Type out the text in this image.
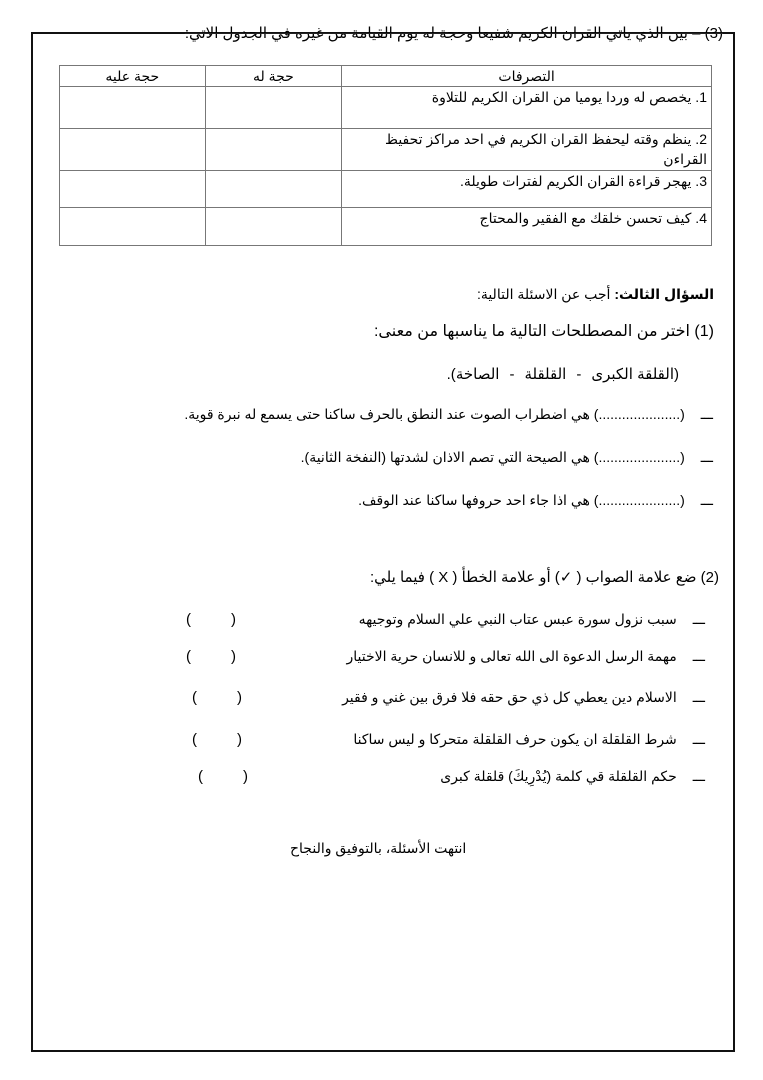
(3) – بين الذي ياتي القران الكريم شفيعا وحجة له يوم القيامة من غيره في الجدول الاتي:
التصرفات	حجة له	حجة عليه
1. يخصص له وردا يوميا من القران الكريم للتلاوة		
2. ينظم وقته ليحفظ القران الكريم في احد مراكز تحفيظ القراءن		
3. يهجر قراءة القران الكريم لفترات طويلة.		
4. كيف تحسن خلقك مع الفقير والمحتاج		
السؤال الثالث: أجب عن الاسئلة التالية:
(1) اختر من المصطلحات التالية ما يناسبها من معنى:
(القلقة الكبرى-القلقلة-الصاخة).
ـــ (.....................) هي اضطراب الصوت عند النطق بالحرف ساكنا حتى يسمع له نبرة قوية.
ـــ (.....................) هي الصيحة التي تصم الاذان لشدتها (النفخة الثانية).
ـــ (.....................) هي اذا جاء احد حروفها ساكنا عند الوقف.
(2) ضع علامة الصواب ( ✓) أو علامة الخطأ ( X ) فيما يلي:
ـــ سبب نزول سورة عبس عتاب النبي علي السلام وتوجيهه
(	)
ـــ مهمة الرسل الدعوة الى الله تعالى و للانسان حرية الاختيار
(	)
ـــ الاسلام دين يعطي كل ذي حق حقه فلا فرق بين غني و فقير
(	)
ـــ شرط القلقلة ان يكون حرف القلقلة متحركا و ليس ساكنا
(	)
ـــ حكم القلقلة قي كلمة (يُدْرِيكَ) قلقلة كبرى
(	)
انتهت الأسئلة، بالتوفيق والنجاح
